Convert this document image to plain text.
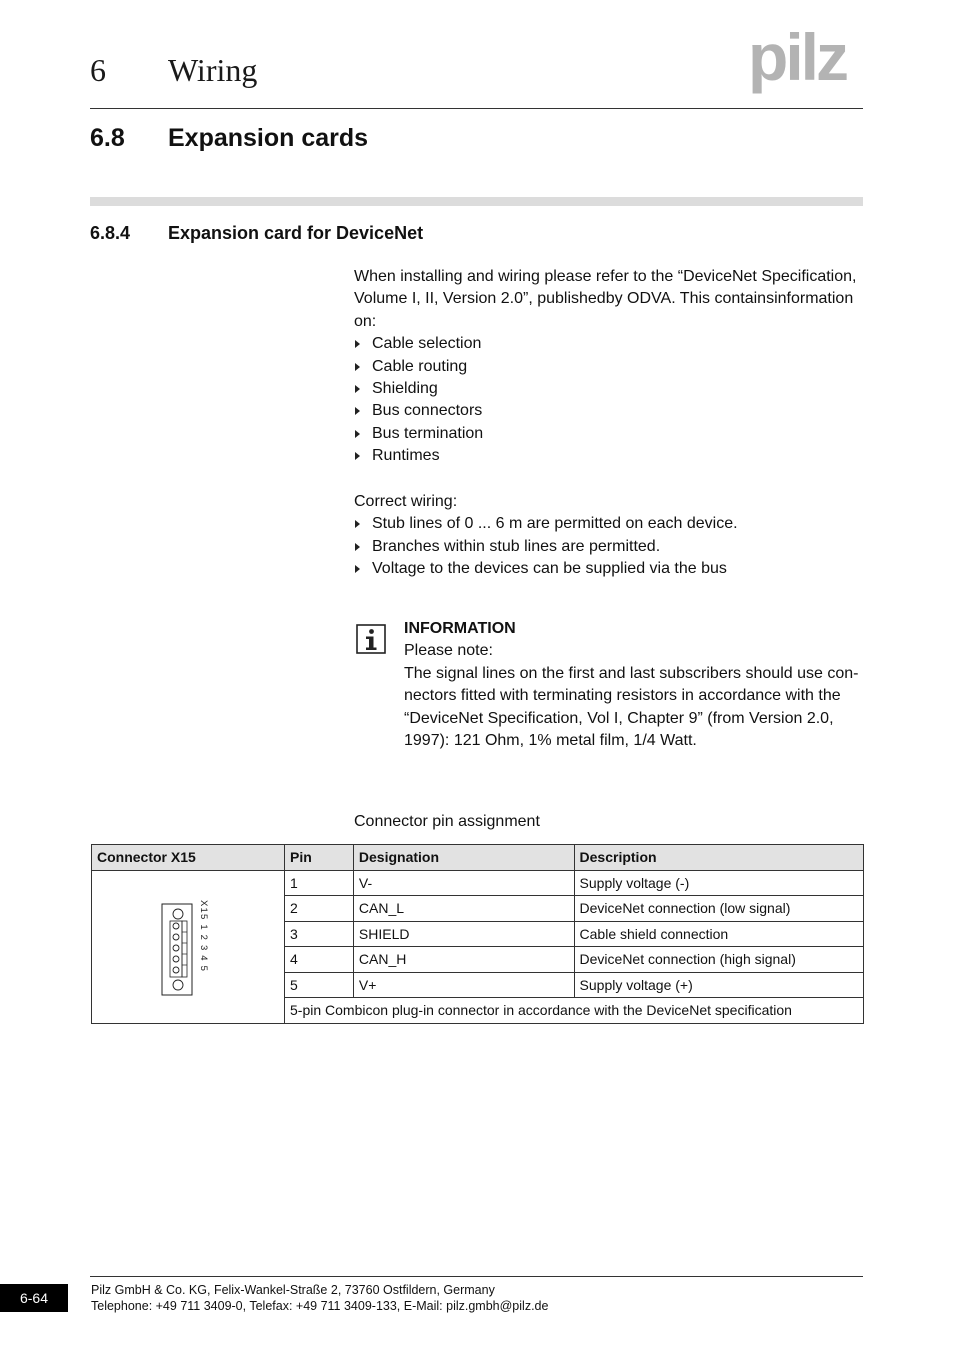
6 Wiring	pilz
6.8 Expansion cards
6.8.4 Expansion card for DeviceNet

When installing and wiring please refer to the “DeviceNet Specification, Volume I, II, Version 2.0”, publishedby ODVA. This containsinformation on:

Cable selection
Cable routing
Shielding
Bus connectors
Bus termination
Runtimes

Correct wiring:

Stub lines of 0 ... 6 m are permitted on each device.
Branches within stub lines are permitted.
Voltage to the devices can be supplied via the bus

INFORMATION

Please note:

The signal lines on the first and last subscribers should use con-nectors fitted with terminating resistors in accordance with the “DeviceNet Specification, Vol I, Chapter 9” (from Version 2.0, 1997): 121 Ohm, 1% metal film, 1/4 Watt.

Connector pin assignment
Connector X15	Pin	Designation	Description

X15 1 2 3 4 5	1	V-	Supply voltage (-)
	2	CAN_L	DeviceNet connection (low signal)
	3	SHIELD	Cable shield connection
	4	CAN_H	DeviceNet connection (high signal)
	5	V+	Supply voltage (+)
	5-pin Combicon plug-in connector in accordance with the DeviceNet specification		
6-64	Pilz GmbH & Co. KG, Felix-Wankel-Straße 2, 73760 Ostfildern, Germany
Telephone: +49 711 3409-0, Telefax: +49 711 3409-133, E-Mail: pilz.gmbh@pilz.de
